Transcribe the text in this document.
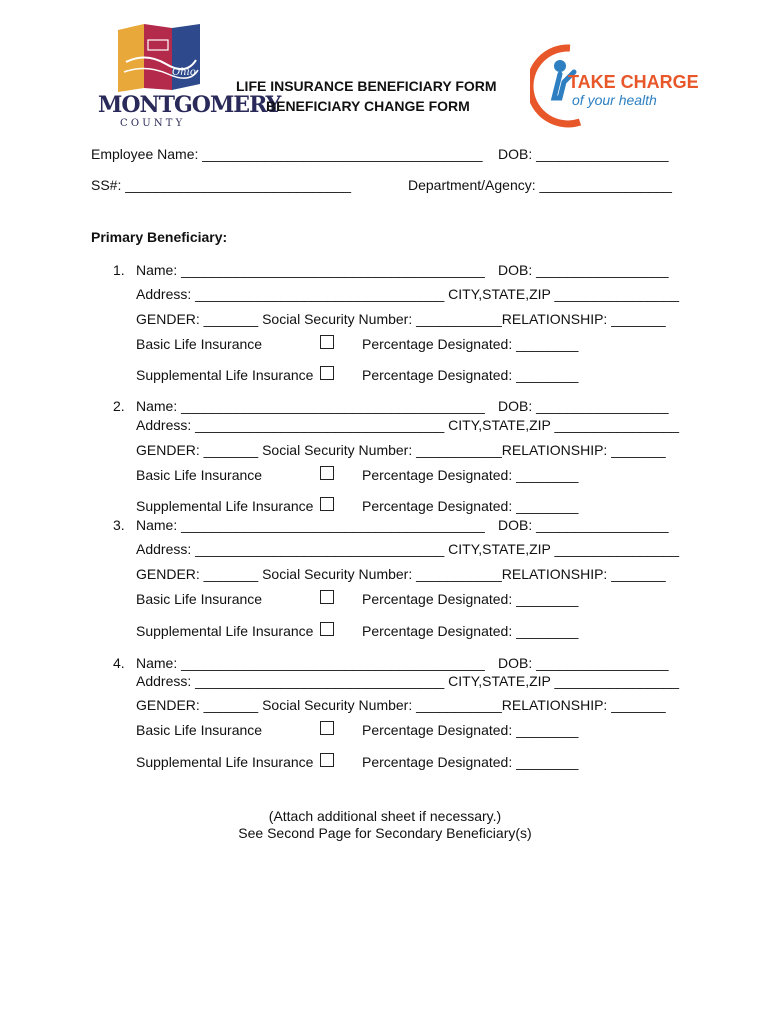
Ohio
MONTGOMERY
C O U N T Y
TAKE CHARGE
of your health
LIFE INSURANCE BENEFICIARY FORM
BENEFICIARY CHANGE FORM
Employee Name: ____________________________________ DOB: _________________
SS#: _____________________________	Department/Agency: _________________
Primary Beneficiary:
1. Name: _______________________________________ DOB: _________________
Address: ________________________________ CITY,STATE,ZIP ________________
GENDER: _______ Social Security Number: ___________RELATIONSHIP: _______
Basic Life Insurance	Percentage Designated: ________
Supplemental Life Insurance	Percentage Designated: ________
2. Name: _______________________________________ DOB: _________________
Address: ________________________________ CITY,STATE,ZIP ________________
GENDER: _______ Social Security Number: ___________RELATIONSHIP: _______
Basic Life Insurance	Percentage Designated: ________
Supplemental Life Insurance	Percentage Designated: ________
3. Name: _______________________________________ DOB: _________________
Address: ________________________________ CITY,STATE,ZIP ________________
GENDER: _______ Social Security Number: ___________RELATIONSHIP: _______
Basic Life Insurance	Percentage Designated: ________
Supplemental Life Insurance	Percentage Designated: ________
4. Name: _______________________________________ DOB: _________________
Address: ________________________________ CITY,STATE,ZIP ________________
GENDER: _______ Social Security Number: ___________RELATIONSHIP: _______
Basic Life Insurance	Percentage Designated: ________
Supplemental Life Insurance	Percentage Designated: ________
(Attach additional sheet if necessary.)
See Second Page for Secondary Beneficiary(s)
